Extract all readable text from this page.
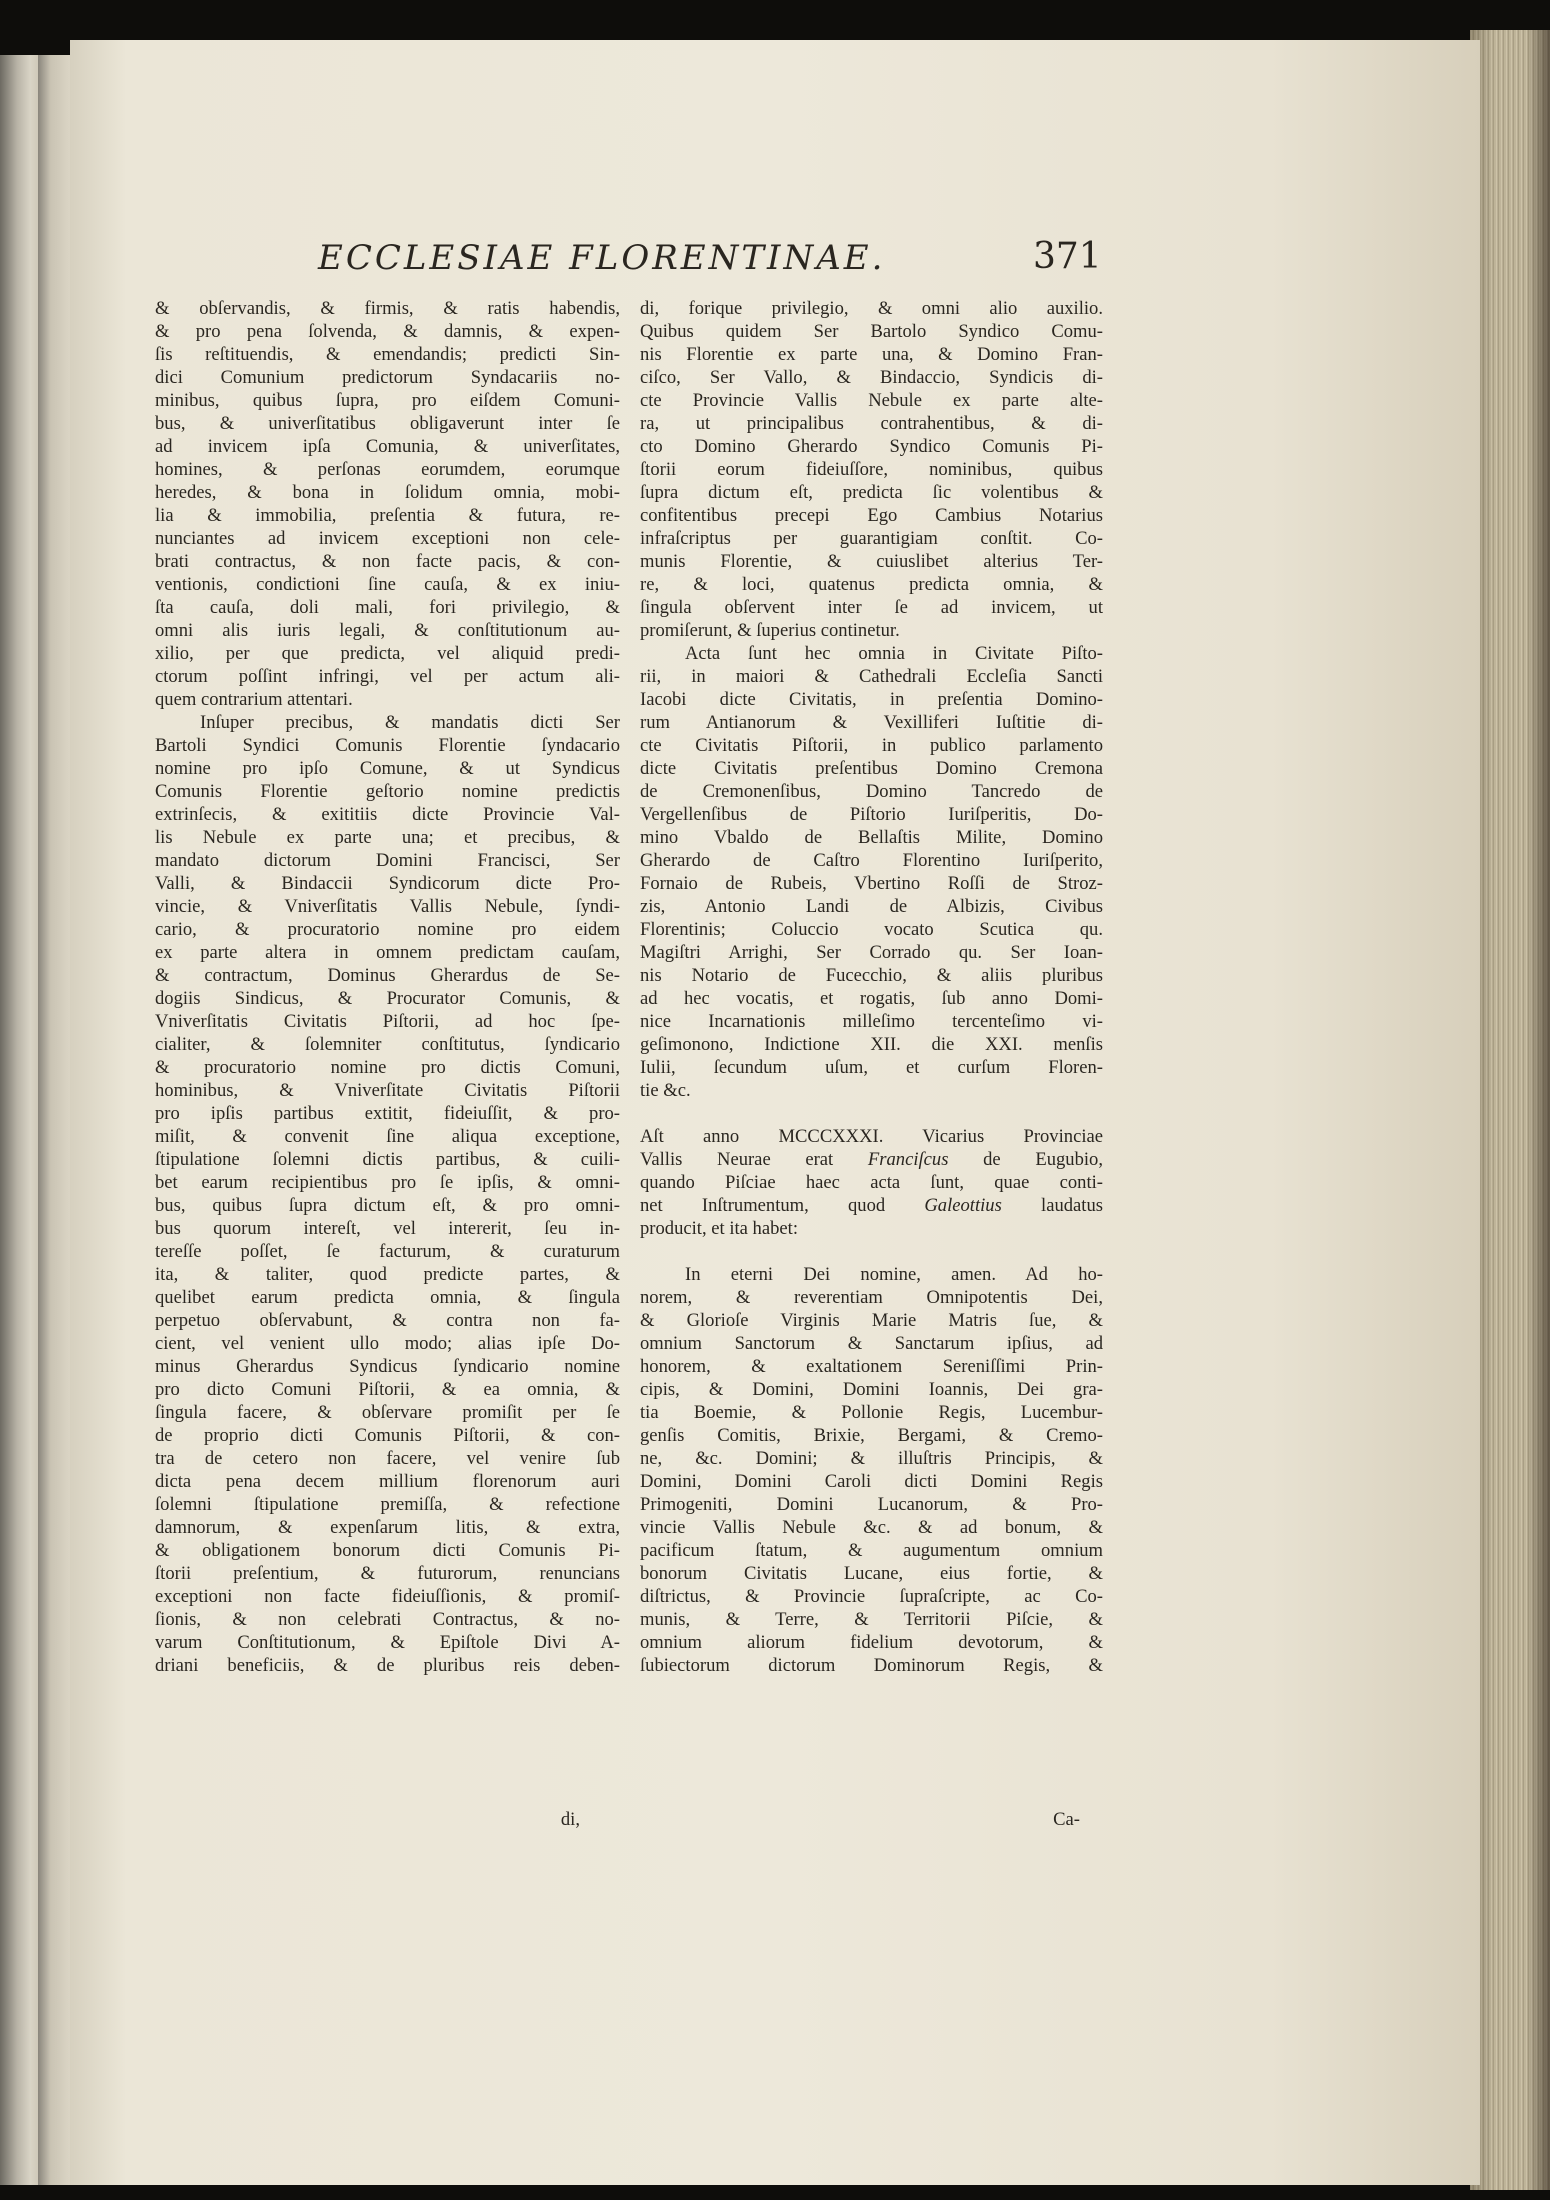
ECCLESIAE FLORENTINAE.	371
& obſervandis, & firmis, & ratis habendis,
& pro pena ſolvenda, & damnis, & expen-
ſis reſtituendis, & emendandis; predicti Sin-
dici Comunium predictorum Syndacariis no-
minibus, quibus ſupra, pro eiſdem Comuni-
bus, & univerſitatibus obligaverunt inter ſe
ad invicem ipſa Comunia, & univerſitates,
homines, & perſonas eorumdem, eorumque
heredes, & bona in ſolidum omnia, mobi-
lia & immobilia, preſentia & futura, re-
nunciantes ad invicem exceptioni non cele-
brati contractus, & non facte pacis, & con-
ventionis, condictioni ſine cauſa, & ex iniu-
ſta cauſa, doli mali, fori privilegio, &
omni alis iuris legali, & conſtitutionum au-
xilio, per que predicta, vel aliquid predi-
ctorum poſſint infringi, vel per actum ali-
quem contrarium attentari.
Inſuper precibus, & mandatis dicti Ser
Bartoli Syndici Comunis Florentie ſyndacario
nomine pro ipſo Comune, & ut Syndicus
Comunis Florentie geſtorio nomine predictis
extrinſecis, & exititiis dicte Provincie Val-
lis Nebule ex parte una; et precibus, &
mandato dictorum Domini Francisci, Ser
Valli, & Bindaccii Syndicorum dicte Pro-
vincie, & Vniverſitatis Vallis Nebule, ſyndi-
cario, & procuratorio nomine pro eidem
ex parte altera in omnem predictam cauſam,
& contractum, Dominus Gherardus de Se-
dogiis Sindicus, & Procurator Comunis, &
Vniverſitatis Civitatis Piſtorii, ad hoc ſpe-
cialiter, & ſolemniter conſtitutus, ſyndicario
& procuratorio nomine pro dictis Comuni,
hominibus, & Vniverſitate Civitatis Piſtorii
pro ipſis partibus extitit, fideiuſſit, & pro-
miſit, & convenit ſine aliqua exceptione,
ſtipulatione ſolemni dictis partibus, & cuili-
bet earum recipientibus pro ſe ipſis, & omni-
bus, quibus ſupra dictum eſt, & pro omni-
bus quorum intereſt, vel intererit, ſeu in-
tereſſe poſſet, ſe facturum, & curaturum
ita, & taliter, quod predicte partes, &
quelibet earum predicta omnia, & ſingula
perpetuo obſervabunt, & contra non fa-
cient, vel venient ullo modo; alias ipſe Do-
minus Gherardus Syndicus ſyndicario nomine
pro dicto Comuni Piſtorii, & ea omnia, &
ſingula facere, & obſervare promiſit per ſe
de proprio dicti Comunis Piſtorii, & con-
tra de cetero non facere, vel venire ſub
dicta pena decem millium florenorum auri
ſolemni ſtipulatione premiſſa, & refectione
damnorum, & expenſarum litis, & extra,
& obligationem bonorum dicti Comunis Pi-
ſtorii preſentium, & futurorum, renuncians
exceptioni non facte fideiuſſionis, & promiſ-
ſionis, & non celebrati Contractus, & no-
varum Conſtitutionum, & Epiſtole Divi A-
driani beneficiis, & de pluribus reis deben-
di,
di, forique privilegio, & omni alio auxilio.
Quibus quidem Ser Bartolo Syndico Comu-
nis Florentie ex parte una, & Domino Fran-
ciſco, Ser Vallo, & Bindaccio, Syndicis di-
cte Provincie Vallis Nebule ex parte alte-
ra, ut principalibus contrahentibus, & di-
cto Domino Gherardo Syndico Comunis Pi-
ſtorii eorum fideiuſſore, nominibus, quibus
ſupra dictum eſt, predicta ſic volentibus &
confitentibus precepi Ego Cambius Notarius
infraſcriptus per guarantigiam conſtit. Co-
munis Florentie, & cuiuslibet alterius Ter-
re, & loci, quatenus predicta omnia, &
ſingula obſervent inter ſe ad invicem, ut
promiſerunt, & ſuperius continetur.
Acta ſunt hec omnia in Civitate Piſto-
rii, in maiori & Cathedrali Eccleſia Sancti
Iacobi dicte Civitatis, in preſentia Domino-
rum Antianorum & Vexilliferi Iuſtitie di-
cte Civitatis Piſtorii, in publico parlamento
dicte Civitatis preſentibus Domino Cremona
de Cremonenſibus, Domino Tancredo de
Vergellenſibus de Piſtorio Iuriſperitis, Do-
mino Vbaldo de Bellaſtis Milite, Domino
Gherardo de Caſtro Florentino Iuriſperito,
Fornaio de Rubeis, Vbertino Roſſi de Stroz-
zis, Antonio Landi de Albizis, Civibus
Florentinis; Coluccio vocato Scutica qu.
Magiſtri Arrighi, Ser Corrado qu. Ser Ioan-
nis Notario de Fucecchio, & aliis pluribus
ad hec vocatis, et rogatis, ſub anno Domi-
nice Incarnationis milleſimo tercenteſimo vi-
geſimonono, Indictione XII. die XXI. menſis
Iulii, ſecundum uſum, et curſum Floren-
tie &c.
Aſt anno MCCCXXXI. Vicarius Provinciae
Vallis Neurae erat Franciſcus de Eugubio,
quando Piſciae haec acta ſunt, quae conti-
net Inſtrumentum, quod Galeottius laudatus
producit, et ita habet:
In eterni Dei nomine, amen. Ad ho-
norem, & reverentiam Omnipotentis Dei,
& Glorioſe Virginis Marie Matris ſue, &
omnium Sanctorum & Sanctarum ipſius, ad
honorem, & exaltationem Sereniſſimi Prin-
cipis, & Domini, Domini Ioannis, Dei gra-
tia Boemie, & Pollonie Regis, Lucembur-
genſis Comitis, Brixie, Bergami, & Cremo-
ne, &c. Domini; & illuſtris Principis, &
Domini, Domini Caroli dicti Domini Regis
Primogeniti, Domini Lucanorum, & Pro-
vincie Vallis Nebule &c. & ad bonum, &
pacificum ſtatum, & augumentum omnium
bonorum Civitatis Lucane, eius fortie, &
diſtrictus, & Provincie ſupraſcripte, ac Co-
munis, & Terre, & Territorii Piſcie, &
omnium aliorum fidelium devotorum, &
ſubiectorum dictorum Dominorum Regis, &
Ca-
